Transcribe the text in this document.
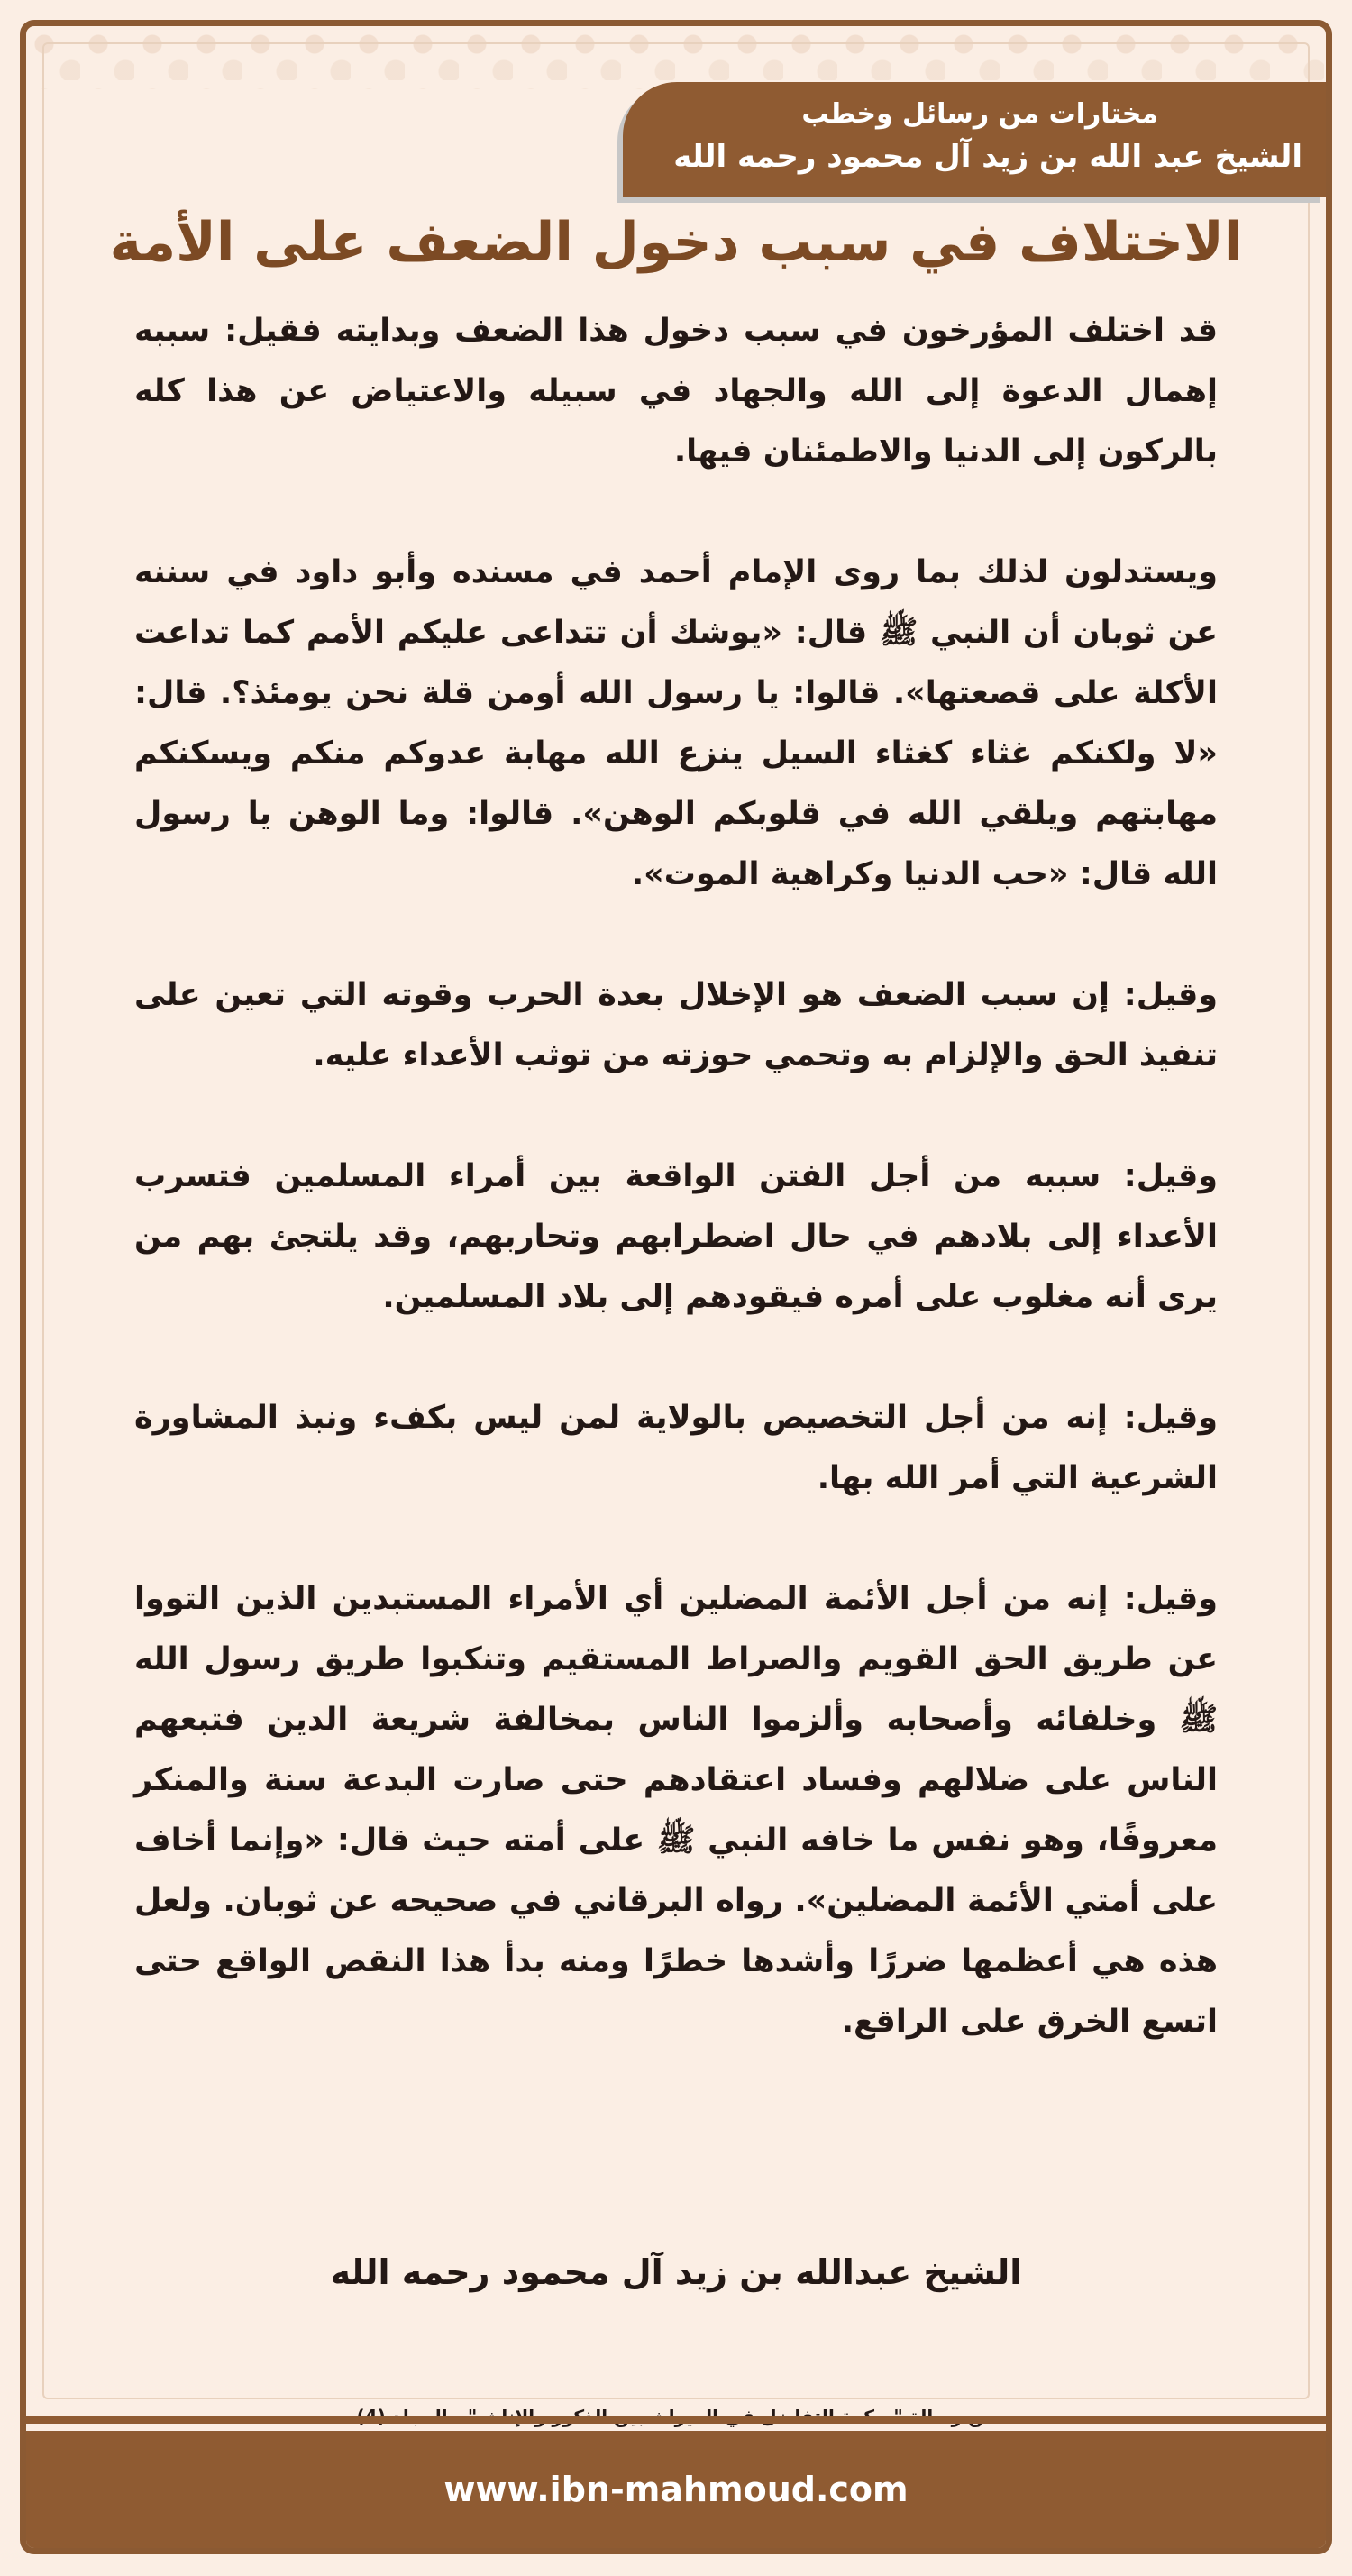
مختارات من رسائل وخطب
الشيخ عبد الله بن زيد آل محمود رحمه الله
الاختلاف في سبب دخول الضعف على الأمة

قد اختلف المؤرخون في سبب دخول هذا الضعف وبدايته فقيل: سببه إهمال الدعوة إلى الله والجهاد في سبيله والاعتياض عن هذا كله بالركون إلى الدنيا والاطمئنان فيها.

ويستدلون لذلك بما روى الإمام أحمد في مسنده وأبو داود في سننه عن ثوبان أن النبي ﷺ قال: «يوشك أن تتداعى عليكم الأمم كما تداعت الأكلة على قصعتها». قالوا: يا رسول الله أومن قلة نحن يومئذ؟. قال: «لا ولكنكم غثاء كغثاء السيل ينزع الله مهابة عدوكم منكم ويسكنكم مهابتهم ويلقي الله في قلوبكم الوهن». قالوا: وما الوهن يا رسول الله قال: «حب الدنيا وكراهية الموت».

وقيل: إن سبب الضعف هو الإخلال بعدة الحرب وقوته التي تعين على تنفيذ الحق والإلزام به وتحمي حوزته من توثب الأعداء عليه.

وقيل: سببه من أجل الفتن الواقعة بين أمراء المسلمين فتسرب الأعداء إلى بلادهم في حال اضطرابهم وتحاربهم، وقد يلتجئ بهم من يرى أنه مغلوب على أمره فيقودهم إلى بلاد المسلمين.

وقيل: إنه من أجل التخصيص بالولاية لمن ليس بكفء ونبذ المشاورة الشرعية التي أمر الله بها.

وقيل: إنه من أجل الأئمة المضلين أي الأمراء المستبدين الذين التووا عن طريق الحق القويم والصراط المستقيم وتنكبوا طريق رسول الله ﷺ وخلفائه وأصحابه وألزموا الناس بمخالفة شريعة الدين فتبعهم الناس على ضلالهم وفساد اعتقادهم حتى صارت البدعة سنة والمنكر معروفًا، وهو نفس ما خافه النبي ﷺ على أمته حيث قال: «وإنما أخاف على أمتي الأئمة المضلين». رواه البرقاني في صحيحه عن ثوبان. ولعل هذه هي أعظمها ضررًا وأشدها خطرًا ومنه بدأ هذا النقص الواقع حتى اتسع الخرق على الراقع.

الشيخ عبدالله بن زيد آل محمود رحمه الله
www.ibn-mahmoud.com
